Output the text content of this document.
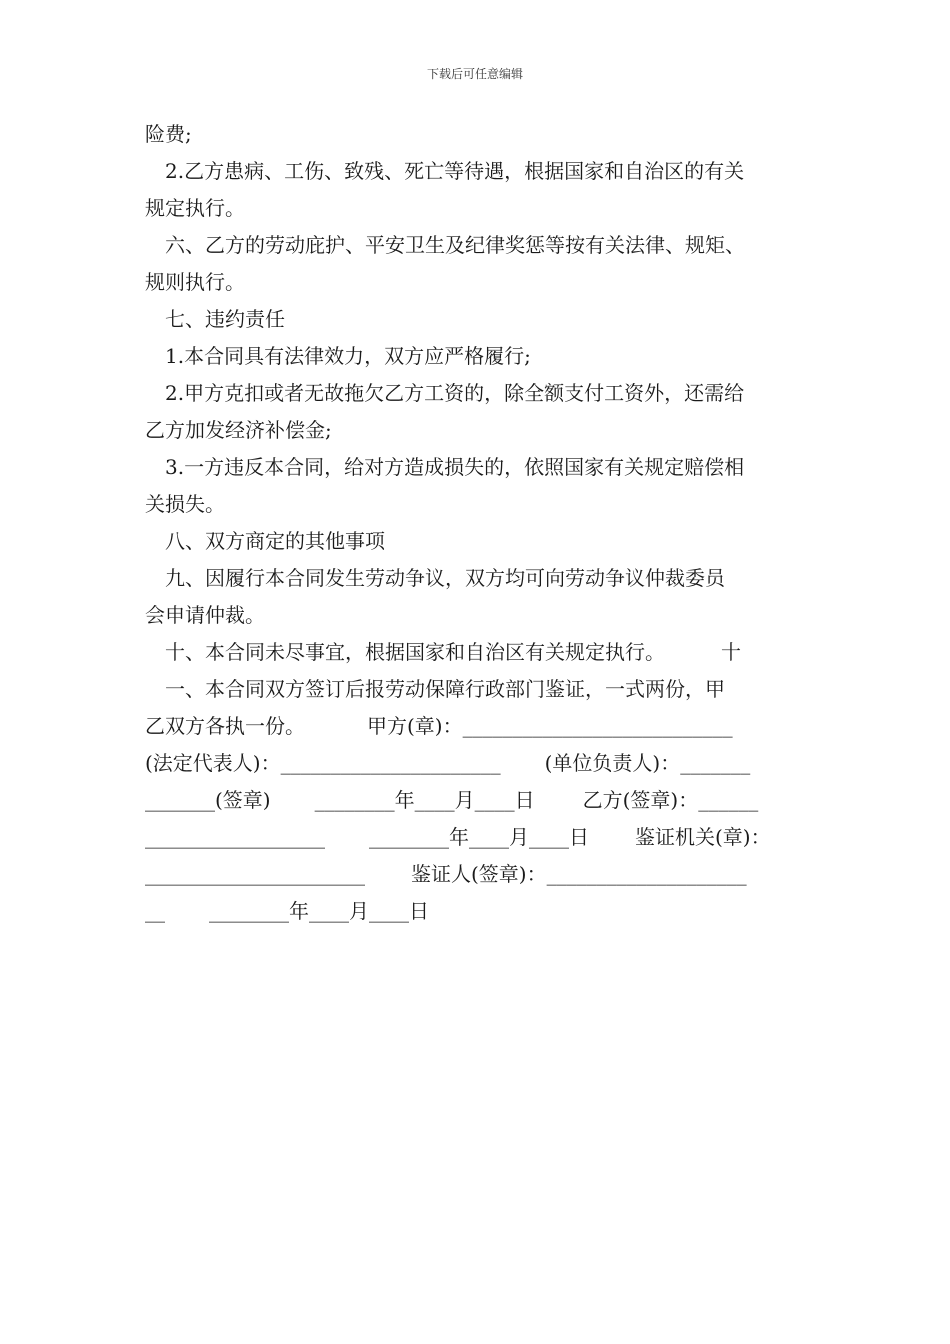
下载后可任意编辑
险费;
2.乙方患病、工伤、致残、死亡等待遇，根据国家和自治区的有关
规定执行。
六、乙方的劳动庇护、平安卫生及纪律奖惩等按有关法律、规矩、
规则执行。
七、违约责任
1.本合同具有法律效力，双方应严格履行;
2.甲方克扣或者无故拖欠乙方工资的，除全额支付工资外，还需给
乙方加发经济补偿金;
3.一方违反本合同，给对方造成损失的，依照国家有关规定赔偿相
关损失。
八、双方商定的其他事项
九、因履行本合同发生劳动争议，双方均可向劳动争议仲裁委员
会申请仲裁。
十、本合同未尽事宜，根据国家和自治区有关规定执行。	十
一、本合同双方签订后报劳动保障行政部门鉴证，一式两份，甲
乙双方各执一份。	甲方(章)：___________________________
(法定代表人)：______________________ (单位负责人)：_______
_______(签章) ________年____月____日 乙方(签章)：______
__________________ ________年____月____日 鉴证机关(章)：
______________________ 鉴证人(签章)：____________________
__ ________年____月____日
